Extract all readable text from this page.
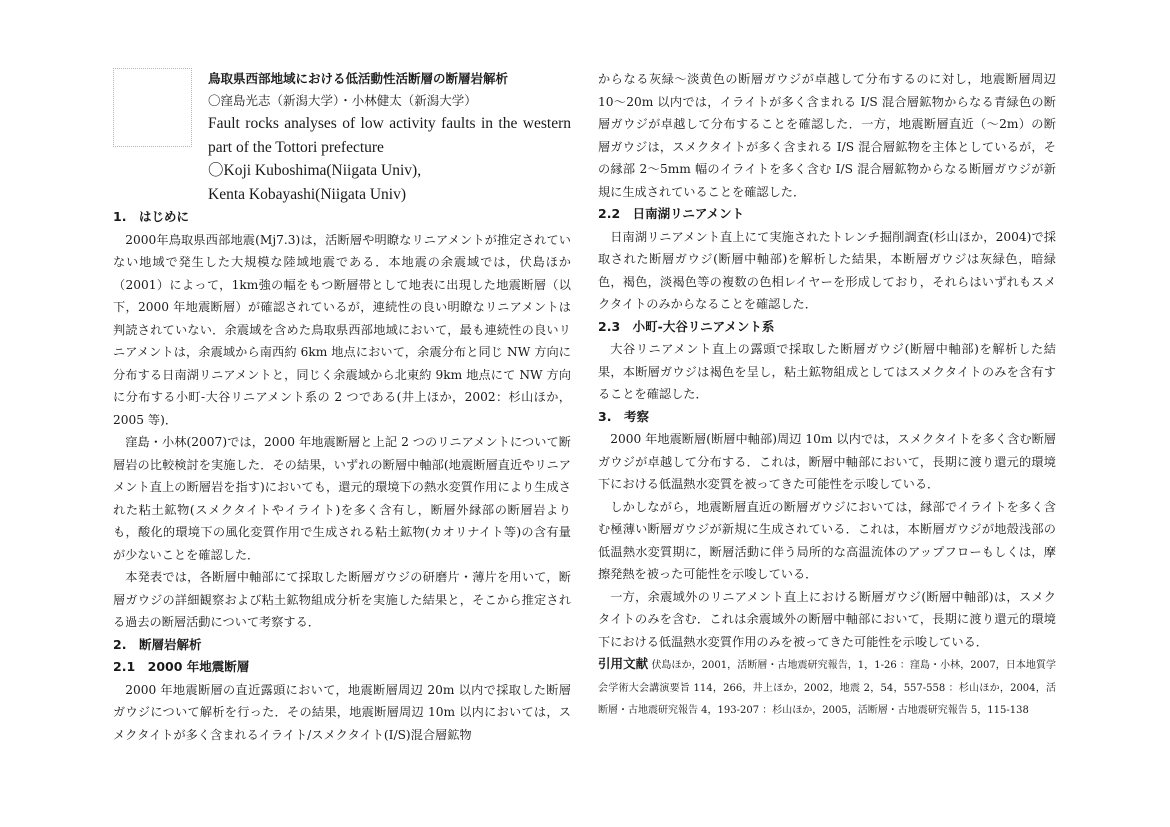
鳥取県西部地域における低活動性活断層の断層岩解析
〇窪島光志（新潟大学）・小林健太（新潟大学）
Fault rocks analyses of low activity faults in the western part of the Tottori prefecture
〇Koji Kuboshima(Niigata Univ),
Kenta Kobayashi(Niigata Univ)
1.　はじめに

2000年鳥取県西部地震(Mj7.3)は，活断層や明瞭なリニアメントが推定されていない地域で発生した大規模な陸域地震である．本地震の余震域では，伏島ほか（2001）によって，1km強の幅をもつ断層帯として地表に出現した地震断層（以下，2000 年地震断層）が確認されているが，連続性の良い明瞭なリニアメントは判読されていない．余震域を含めた鳥取県西部地域において，最も連続性の良いリニアメントは，余震域から南西約 6km 地点において，余震分布と同じ NW 方向に分布する日南湖リニアメントと，同じく余震域から北東約 9km 地点にて NW 方向に分布する小町-大谷リニアメント系の 2 つである(井上ほか，2002：杉山ほか，2005 等)．

窪島・小林(2007)では，2000 年地震断層と上記 2 つのリニアメントについて断層岩の比較検討を実施した．その結果，いずれの断層中軸部(地震断層直近やリニアメント直上の断層岩を指す)においても，還元的環境下の熱水変質作用により生成された粘土鉱物(スメクタイトやイライト)を多く含有し，断層外縁部の断層岩よりも，酸化的環境下の風化変質作用で生成される粘土鉱物(カオリナイト等)の含有量が少ないことを確認した．

本発表では，各断層中軸部にて採取した断層ガウジの研磨片・薄片を用いて，断層ガウジの詳細観察および粘土鉱物組成分析を実施した結果と，そこから推定される過去の断層活動について考察する．

2.　断層岩解析
2.1　2000 年地震断層

2000 年地震断層の直近露頭において，地震断層周辺 20m 以内で採取した断層ガウジについて解析を行った．その結果，地震断層周辺 10m 以内においては，スメクタイトが多く含まれるイライト/スメクタイト(I/S)混合層鉱物

からなる灰緑～淡黄色の断層ガウジが卓越して分布するのに対し，地震断層周辺 10～20m 以内では，イライトが多く含まれる I/S 混合層鉱物からなる青緑色の断層ガウジが卓越して分布することを確認した．一方，地震断層直近（～2m）の断層ガウジは，スメクタイトが多く含まれる I/S 混合層鉱物を主体としているが，その縁部 2～5mm 幅のイライトを多く含む I/S 混合層鉱物からなる断層ガウジが新規に生成されていることを確認した．

2.2　日南湖リニアメント

日南湖リニアメント直上にて実施されたトレンチ掘削調査(杉山ほか，2004)で採取された断層ガウジ(断層中軸部)を解析した結果，本断層ガウジは灰緑色，暗緑色，褐色，淡褐色等の複数の色相レイヤーを形成しており，それらはいずれもスメクタイトのみからなることを確認した．

2.3　小町-大谷リニアメント系

大谷リニアメント直上の露頭で採取した断層ガウジ(断層中軸部)を解析した結果，本断層ガウジは褐色を呈し，粘土鉱物組成としてはスメクタイトのみを含有することを確認した．

3.　考察

2000 年地震断層(断層中軸部)周辺 10m 以内では，スメクタイトを多く含む断層ガウジが卓越して分布する．これは，断層中軸部において，長期に渡り還元的環境下における低温熱水変質を被ってきた可能性を示唆している．

しかしながら，地震断層直近の断層ガウジにおいては，縁部でイライトを多く含む極薄い断層ガウジが新規に生成されている．これは，本断層ガウジが地殻浅部の低温熱水変質期に，断層活動に伴う局所的な高温流体のアップフローもしくは，摩擦発熱を被った可能性を示唆している．

一方，余震域外のリニアメント直上における断層ガウジ(断層中軸部)は，スメクタイトのみを含む．これは余震域外の断層中軸部において，長期に渡り還元的環境下における低温熱水変質作用のみを被ってきた可能性を示唆している．

引用文献 伏島ほか，2001，活断層・古地震研究報告，1，1-26 ：窪島・小林，2007，日本地質学会学術大会講演要旨 114，266，井上ほか，2002，地震 2，54，557-558 ：杉山ほか，2004，活断層・古地震研究報告 4，193-207 ：杉山ほか，2005，活断層・古地震研究報告 5，115-138
